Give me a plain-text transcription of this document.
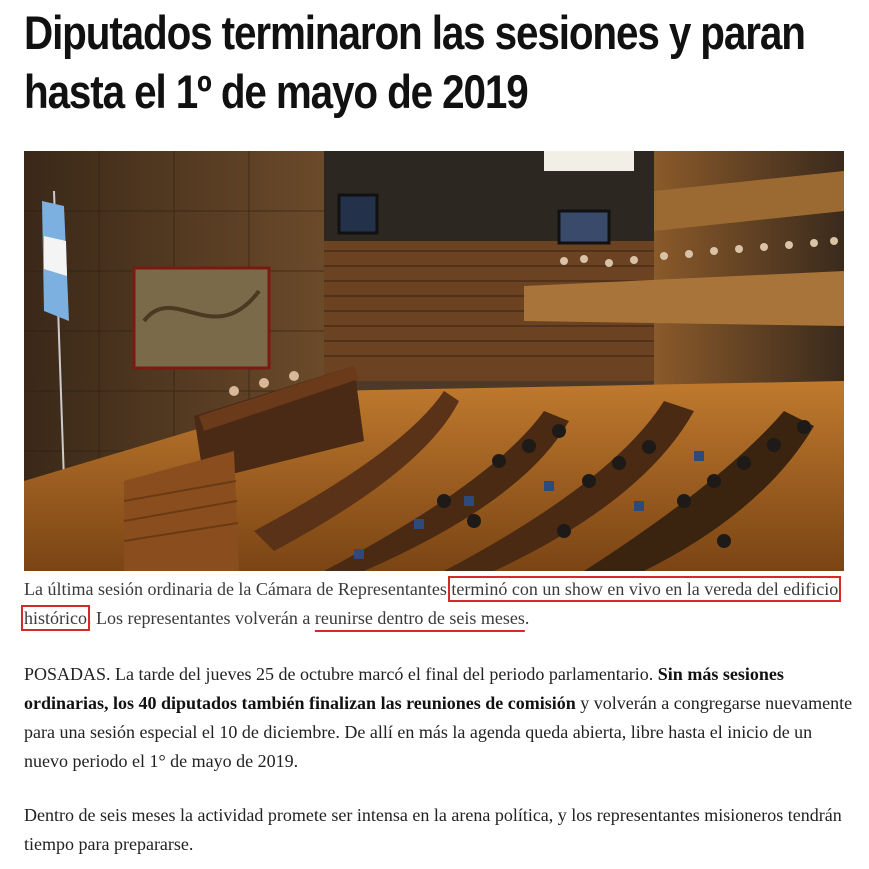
Diputados terminaron las sesiones y paran hasta el 1º de mayo de 2019
La última sesión ordinaria de la Cámara de Representantes terminó con un show en vivo en la vereda del edificio histórico. Los representantes volverán a reunirse dentro de seis meses.

POSADAS. La tarde del jueves 25 de octubre marcó el final del periodo parlamentario. Sin más sesiones ordinarias, los 40 diputados también finalizan las reuniones de comisión y volverán a congregarse nuevamente para una sesión especial el 10 de diciembre. De allí en más la agenda queda abierta, libre hasta el inicio de un nuevo periodo el 1° de mayo de 2019.

Dentro de seis meses la actividad promete ser intensa en la arena política, y los representantes misioneros tendrán tiempo para prepararse.
